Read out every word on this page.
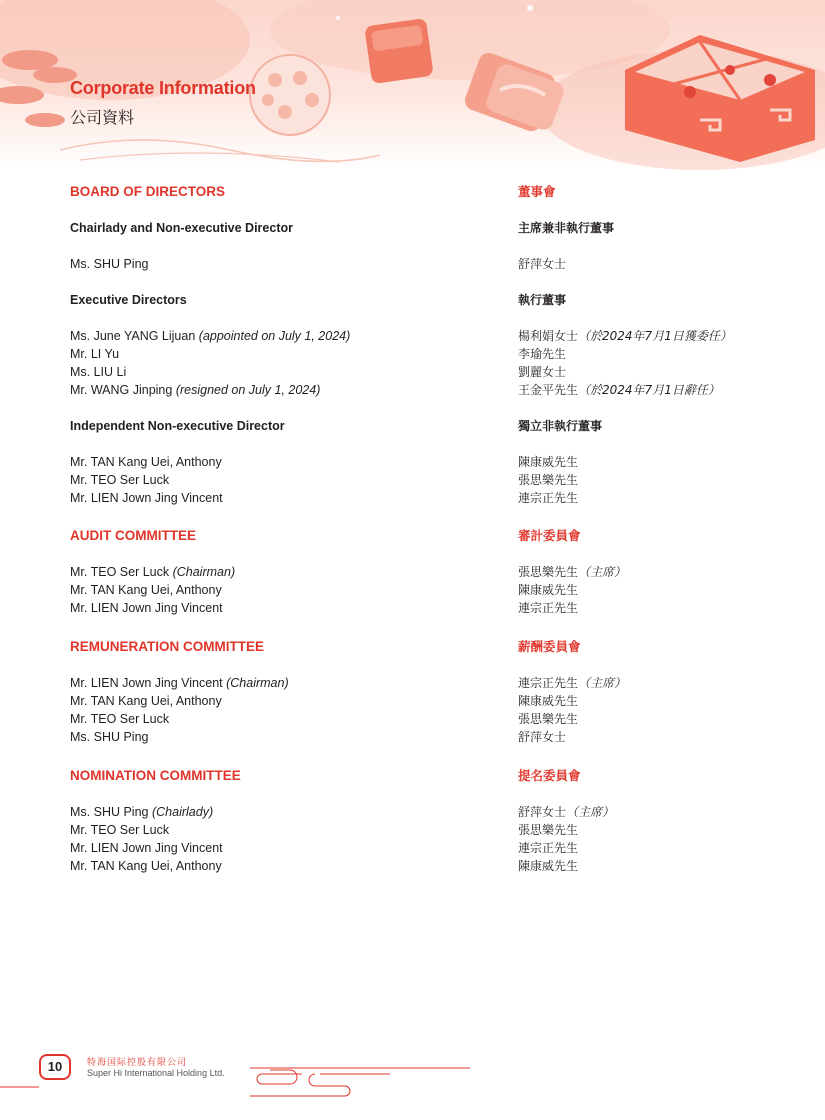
Corporate Information
公司資料
BOARD OF DIRECTORS
Chairlady and Non-executive Director
Ms. SHU Ping
Executive Directors
Ms. June YANG Lijuan (appointed on July 1, 2024)
Mr. LI Yu
Ms. LIU Li
Mr. WANG Jinping (resigned on July 1, 2024)
Independent Non-executive Director
Mr. TAN Kang Uei, Anthony
Mr. TEO Ser Luck
Mr. LIEN Jown Jing Vincent
AUDIT COMMITTEE
Mr. TEO Ser Luck (Chairman)
Mr. TAN Kang Uei, Anthony
Mr. LIEN Jown Jing Vincent
REMUNERATION COMMITTEE
Mr. LIEN Jown Jing Vincent (Chairman)
Mr. TAN Kang Uei, Anthony
Mr. TEO Ser Luck
Ms. SHU Ping
NOMINATION COMMITTEE
Ms. SHU Ping (Chairlady)
Mr. TEO Ser Luck
Mr. LIEN Jown Jing Vincent
Mr. TAN Kang Uei, Anthony
董事會
主席兼非執行董事
舒萍女士
執行董事
楊利娟女士（於2024年7月1日獲委任）
李瑜先生
劉麗女士
王金平先生（於2024年7月1日辭任）
獨立非執行董事
陳康威先生
張思樂先生
連宗正先生
審計委員會
張思樂先生（主席）
陳康威先生
連宗正先生
薪酬委員會
連宗正先生（主席）
陳康威先生
張思樂先生
舒萍女士
提名委員會
舒萍女士（主席）
張思樂先生
連宗正先生
陳康威先生
10	特海国际控股有限公司
Super Hi International Holding Ltd.
